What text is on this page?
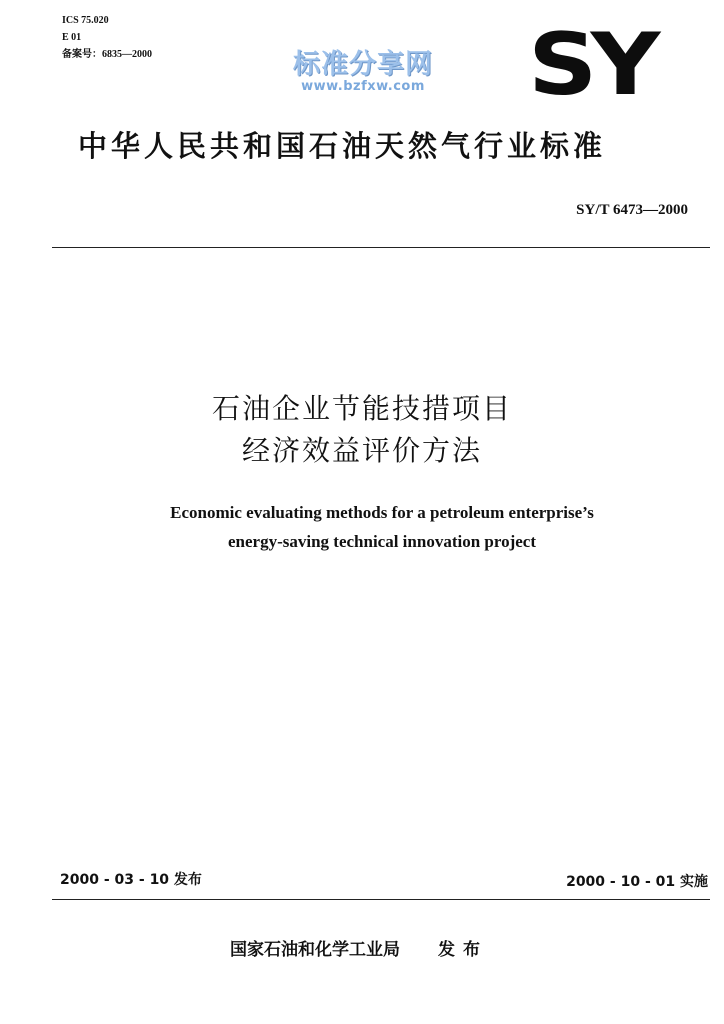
ICS 75.020
E 01
备案号：6835—2000	标准分享网
www.bzfxw.com SY
中华人民共和国石油天然气行业标准
SY/T 6473—2000
石油企业节能技措项目
经济效益评价方法
Economic evaluating methods for a petroleum enterprise’s
energy-saving technical innovation project
2000 - 03 - 10 发布	2000 - 10 - 01 实施
国家石油和化学工业局 发布
